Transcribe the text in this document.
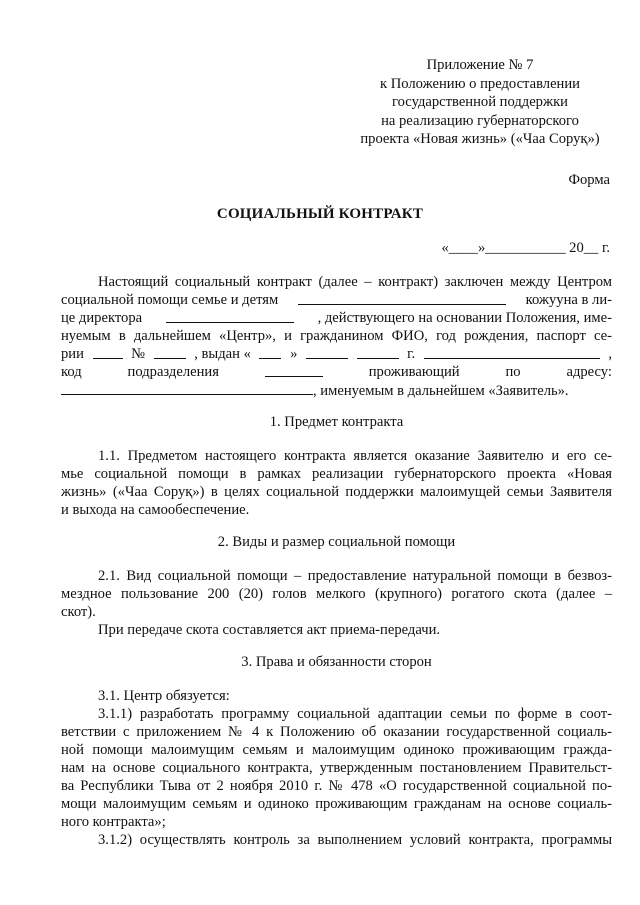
Приложение № 7
к Положению о предоставлении
государственной поддержки
на реализацию губернаторского
проекта «Новая жизнь» («Чаа Соруқ»)
Форма
СОЦИАЛЬНЫЙ КОНТРАКТ
«____»___________ 20__ г.
Настоящий социальный контракт (далее – контракт) заключен между Центром
социальной помощи семье и детям	кожууна в ли-
це директора	, действующего на основании Положения, име-
нуемым в дальнейшем «Центр», и гражданином ФИО, год рождения, паспорт се-
рии	№	, выдан «	»	г.	,
код	подразделения	проживающий	по	адресу:
, именуемым в дальнейшем «Заявитель».
1. Предмет контракта
1.1. Предметом настоящего контракта является оказание Заявителю и его се-
мье социальной помощи в рамках реализации губернаторского проекта «Новая
жизнь» («Чаа Соруқ») в целях социальной поддержки малоимущей семьи Заявителя
и выхода на самообеспечение.
2. Виды и размер социальной помощи
2.1. Вид социальной помощи – предоставление натуральной помощи в безвоз-
мездное пользование 200 (20) голов мелкого (крупного) рогатого скота (далее –
скот).
При передаче скота составляется акт приема-передачи.
3. Права и обязанности сторон
3.1. Центр обязуется:
3.1.1) разработать программу социальной адаптации семьи по форме в соот-
ветствии с приложением № 4 к Положению об оказании государственной социаль-
ной помощи малоимущим семьям и малоимущим одиноко проживающим гражда-
нам на основе социального контракта, утвержденным постановлением Правительст-
ва Республики Тыва от 2 ноября 2010 г. № 478 «О государственной социальной по-
мощи малоимущим семьям и одиноко проживающим гражданам на основе социаль-
ного контракта»;
3.1.2) осуществлять контроль за выполнением условий контракта, программы
